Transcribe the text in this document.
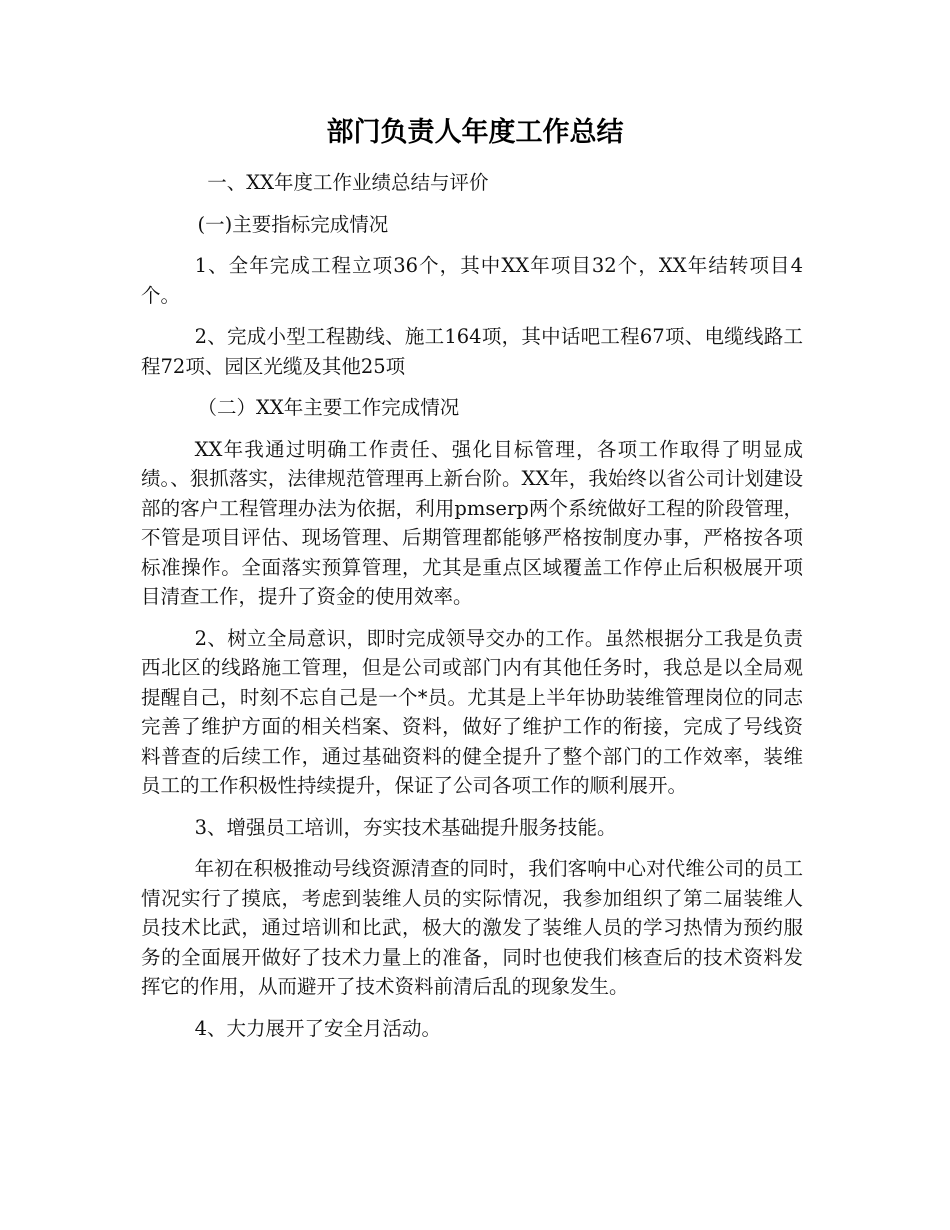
部门负责人年度工作总结

一、XX年度工作业绩总结与评价

(一)主要指标完成情况

1、全年完成工程立项36个，其中XX年项目32个，XX年结转项目4个。

2、完成小型工程勘线、施工164项，其中话吧工程67项、电缆线路工程72项、园区光缆及其他25项

（二）XX年主要工作完成情况

XX年我通过明确工作责任、强化目标管理，各项工作取得了明显成绩。、狠抓落实，法律规范管理再上新台阶。XX年，我始终以省公司计划建设部的客户工程管理办法为依据，利用pmserp两个系统做好工程的阶段管理，不管是项目评估、现场管理、后期管理都能够严格按制度办事，严格按各项标准操作。全面落实预算管理，尤其是重点区域覆盖工作停止后积极展开项目清查工作，提升了资金的使用效率。

2、树立全局意识，即时完成领导交办的工作。虽然根据分工我是负责西北区的线路施工管理，但是公司或部门内有其他任务时，我总是以全局观提醒自己，时刻不忘自己是一个*员。尤其是上半年协助装维管理岗位的同志完善了维护方面的相关档案、资料，做好了维护工作的衔接，完成了号线资料普查的后续工作，通过基础资料的健全提升了整个部门的工作效率，装维员工的工作积极性持续提升，保证了公司各项工作的顺利展开。

3、增强员工培训，夯实技术基础提升服务技能。

年初在积极推动号线资源清查的同时，我们客响中心对代维公司的员工情况实行了摸底，考虑到装维人员的实际情况，我参加组织了第二届装维人员技术比武，通过培训和比武，极大的激发了装维人员的学习热情为预约服务的全面展开做好了技术力量上的准备，同时也使我们核查后的技术资料发挥它的作用，从而避开了技术资料前清后乱的现象发生。

4、大力展开了安全月活动。
